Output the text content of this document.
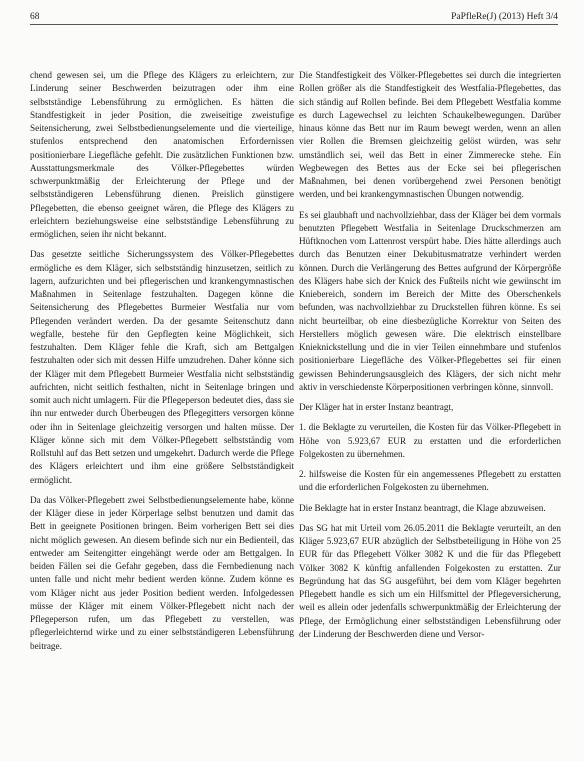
68	PaPfleRe(J) (2013) Heft 3/4

chend gewesen sei, um die Pflege des Klägers zu erleichtern, zur Linderung seiner Beschwerden beizutragen oder ihm eine selbstständige Lebensführung zu ermöglichen. Es hätten die Standfestigkeit in jeder Position, die zweiseitige zweistufige Seitensicherung, zwei Selbstbedienungselemente und die vierteilige, stufenlos entsprechend den anatomischen Erfordernissen positionierbare Liegefläche gefehlt. Die zusätzlichen Funktionen bzw. Ausstattungsmerkmale des Völker-Pflegebettes würden schwerpunktmäßig der Erleichterung der Pflege und der selbstständigeren Lebensführung dienen. Preislich günstigere Pflegebetten, die ebenso geeignet wären, die Pflege des Klägers zu erleichtern beziehungsweise eine selbstständige Lebensführung zu ermöglichen, seien ihr nicht bekannt.

Das gesetzte seitliche Sicherungssystem des Völker-Pflegebettes ermögliche es dem Kläger, sich selbstständig hinzusetzen, seitlich zu lagern, aufzurichten und bei pflegerischen und krankengymnastischen Maßnahmen in Seitenlage festzuhalten. Dagegen könne die Seitensicherung des Pflegebettes Burmeier Westfalia nur vom Pflegenden verändert werden. Da der gesamte Seitenschutz dann wegfalle, bestehe für den Gepflegten keine Möglichkeit, sich festzuhalten. Dem Kläger fehle die Kraft, sich am Bettgalgen festzuhalten oder sich mit dessen Hilfe umzudrehen. Daher könne sich der Kläger mit dem Pflegebett Burmeier Westfalia nicht selbstständig aufrichten, nicht seitlich festhalten, nicht in Seitenlage bringen und somit auch nicht umlagern. Für die Pflegeperson bedeutet dies, dass sie ihn nur entweder durch Überbeugen des Pflegegitters versorgen könne oder ihn in Seitenlage gleichzeitig versorgen und halten müsse. Der Kläger könne sich mit dem Völker-Pflegebett selbstständig vom Rollstuhl auf das Bett setzen und umgekehrt. Dadurch werde die Pflege des Klägers erleichtert und ihm eine größere Selbstständigkeit ermöglicht.

Da das Völker-Pflegebett zwei Selbstbedienungselemente habe, könne der Kläger diese in jeder Körperlage selbst benutzen und damit das Bett in geeignete Positionen bringen. Beim vorherigen Bett sei dies nicht möglich gewesen. An diesem befinde sich nur ein Bedienteil, das entweder am Seitengitter eingehängt werde oder am Bettgalgen. In beiden Fällen sei die Gefahr gegeben, dass die Fernbedienung nach unten falle und nicht mehr bedient werden könne. Zudem könne es vom Kläger nicht aus jeder Position bedient werden. Infolgedessen müsse der Kläger mit einem Völker-Pflegebett nicht nach der Pflegeperson rufen, um das Pflegebett zu verstellen, was pflegerleichternd wirke und zu einer selbstständigeren Lebensführung beitrage.

Die Standfestigkeit des Völker-Pflegebettes sei durch die integrierten Rollen größer als die Standfestigkeit des Westfalia-Pflegebettes, das sich ständig auf Rollen befinde. Bei dem Pflegebett Westfalia komme es durch Lagewechsel zu leichten Schaukelbewegungen. Darüber hinaus könne das Bett nur im Raum bewegt werden, wenn an allen vier Rollen die Bremsen gleichzeitig gelöst würden, was sehr umständlich sei, weil das Bett in einer Zimmerecke stehe. Ein Wegbewegen des Bettes aus der Ecke sei bei pflegerischen Maßnahmen, bei denen vorübergehend zwei Personen benötigt werden, und bei krankengymnastischen Übungen notwendig.

Es sei glaubhaft und nachvollziehbar, dass der Kläger bei dem vormals benutzten Pflegebett Westfalia in Seitenlage Druckschmerzen am Hüftknochen vom Lattenrost verspürt habe. Dies hätte allerdings auch durch das Benutzen einer Dekubitusmatratze verhindert werden können. Durch die Verlängerung des Bettes aufgrund der Körpergröße des Klägers habe sich der Knick des Fußteils nicht wie gewünscht im Kniebereich, sondern im Bereich der Mitte des Oberschenkels befunden, was nachvollziehbar zu Druckstellen führen könne. Es sei nicht beurteilbar, ob eine diesbezügliche Korrektur von Seiten des Herstellers möglich gewesen wäre. Die elektrisch einstellbare Knieknickstellung und die in vier Teilen einnehmbare und stufenlos positionierbare Liegefläche des Völker-Pflegebettes sei für einen gewissen Behinderungsausgleich des Klägers, der sich nicht mehr aktiv in verschiedenste Körperpositionen verbringen könne, sinnvoll.

Der Kläger hat in erster Instanz beantragt,

1. die Beklagte zu verurteilen, die Kosten für das Völker-Pflegebett in Höhe von 5.923,67 EUR zu erstatten und die erforderlichen Folgekosten zu übernehmen.

2. hilfsweise die Kosten für ein angemessenes Pflegebett zu erstatten und die erforderlichen Folgekosten zu übernehmen.

Die Beklagte hat in erster Instanz beantragt, die Klage abzuweisen.

Das SG hat mit Urteil vom 26.05.2011 die Beklagte verurteilt, an den Kläger 5.923,67 EUR abzüglich der Selbstbeteiligung in Höhe von 25 EUR für das Pflegebett Völker 3082 K und die für das Pflegebett Völker 3082 K künftig anfallenden Folgekosten zu erstatten. Zur Begründung hat das SG ausgeführt, bei dem vom Kläger begehrten Pflegebett handle es sich um ein Hilfsmittel der Pflegeversicherung, weil es allein oder jedenfalls schwerpunktmäßig der Erleichterung der Pflege, der Ermöglichung einer selbstständigen Lebensführung oder der Linderung der Beschwerden diene und Versor-
